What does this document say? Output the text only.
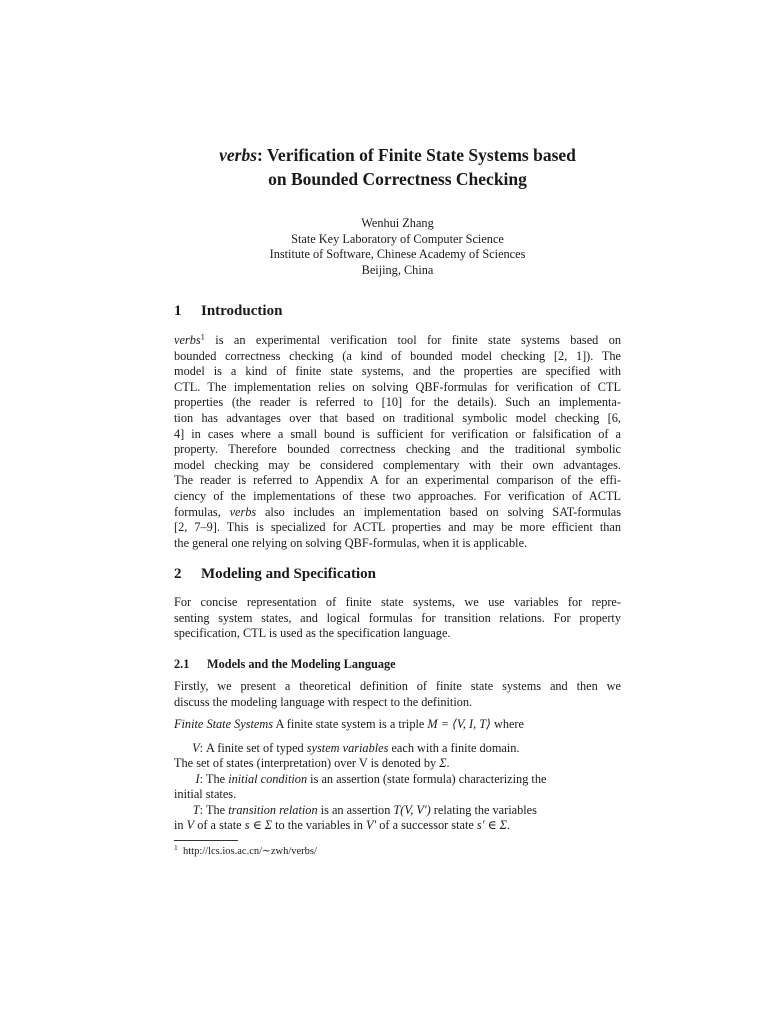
verbs: Verification of Finite State Systems based
on Bounded Correctness Checking
Wenhui Zhang
State Key Laboratory of Computer Science
Institute of Software, Chinese Academy of Sciences
Beijing, China
1 Introduction
verbs$^1$ is an experimental verification tool for finite state systems based on
bounded correctness checking (a kind of bounded model checking [2, 1]). The
model is a kind of finite state systems, and the properties are specified with
CTL. The implementation relies on solving QBF-formulas for verification of CTL
properties (the reader is referred to [10] for the details). Such an implementa-
tion has advantages over that based on traditional symbolic model checking [6,
4] in cases where a small bound is sufficient for verification or falsification of a
property. Therefore bounded correctness checking and the traditional symbolic
model checking may be considered complementary with their own advantages.
The reader is referred to Appendix A for an experimental comparison of the effi-
ciency of the implementations of these two approaches. For verification of ACTL
formulas, verbs also includes an implementation based on solving SAT-formulas
[2, 7–9]. This is specialized for ACTL properties and may be more efficient than
the general one relying on solving QBF-formulas, when it is applicable.
2 Modeling and Specification
For concise representation of finite state systems, we use variables for repre-
senting system states, and logical formulas for transition relations. For property
specification, CTL is used as the specification language.
2.1 Models and the Modeling Language
Firstly, we present a theoretical definition of finite state systems and then we
discuss the modeling language with respect to the definition.
Finite State Systems A finite state system is a triple M = ⟨V, I, T⟩ where
V: A finite set of typed system variables each with a finite domain.
The set of states (interpretation) over V is denoted by Σ.
I: The initial condition is an assertion (state formula) characterizing the
initial states.
T: The transition relation is an assertion T(V, V′) relating the variables
in V of a state s ∈ Σ to the variables in V′ of a successor state s′ ∈ Σ.
$^1$ http://lcs.ios.ac.cn/∼zwh/verbs/
